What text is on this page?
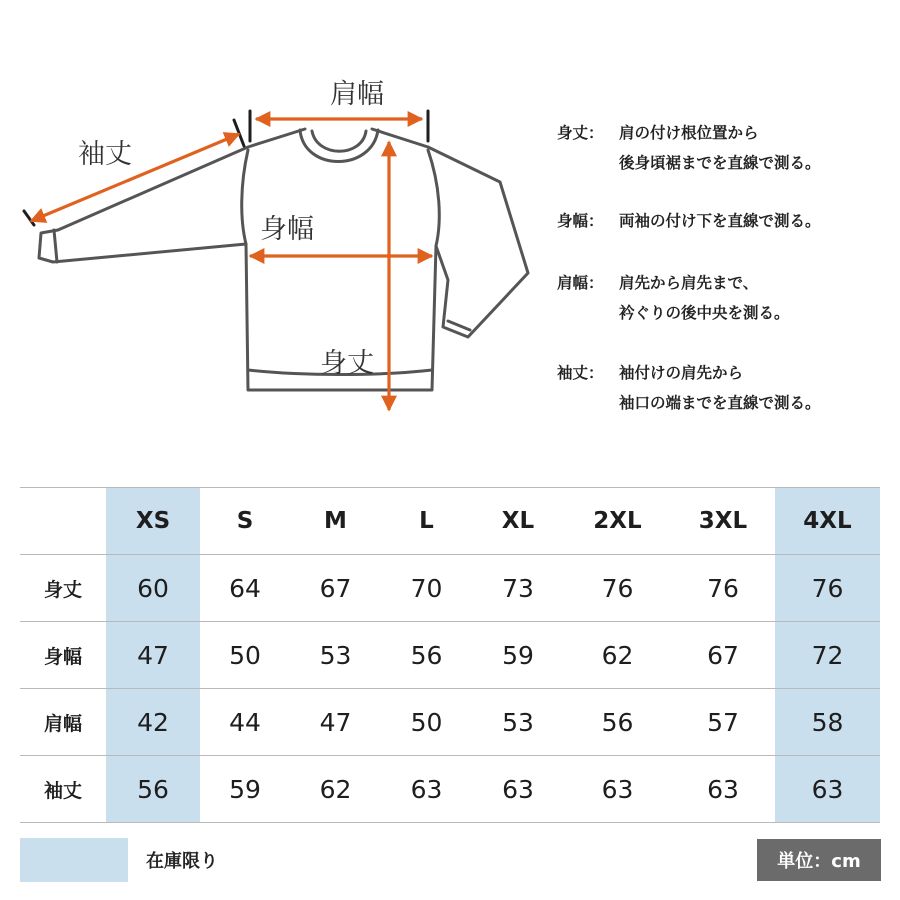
肩幅
袖丈
身幅
身丈
身丈： 肩の付け根位置から
後身頃裾までを直線で測る。
身幅： 両袖の付け下を直線で測る。
肩幅： 肩先から肩先まで、
衿ぐりの後中央を測る。
袖丈： 袖付けの肩先から
袖口の端までを直線で測る。
	XS	S	M	L	XL	2XL	3XL	4XL
身丈	60	64	67	70	73	76	76	76
身幅	47	50	53	56	59	62	67	72
肩幅	42	44	47	50	53	56	57	58
袖丈	56	59	62	63	63	63	63	63
在庫限り	単位：cm
